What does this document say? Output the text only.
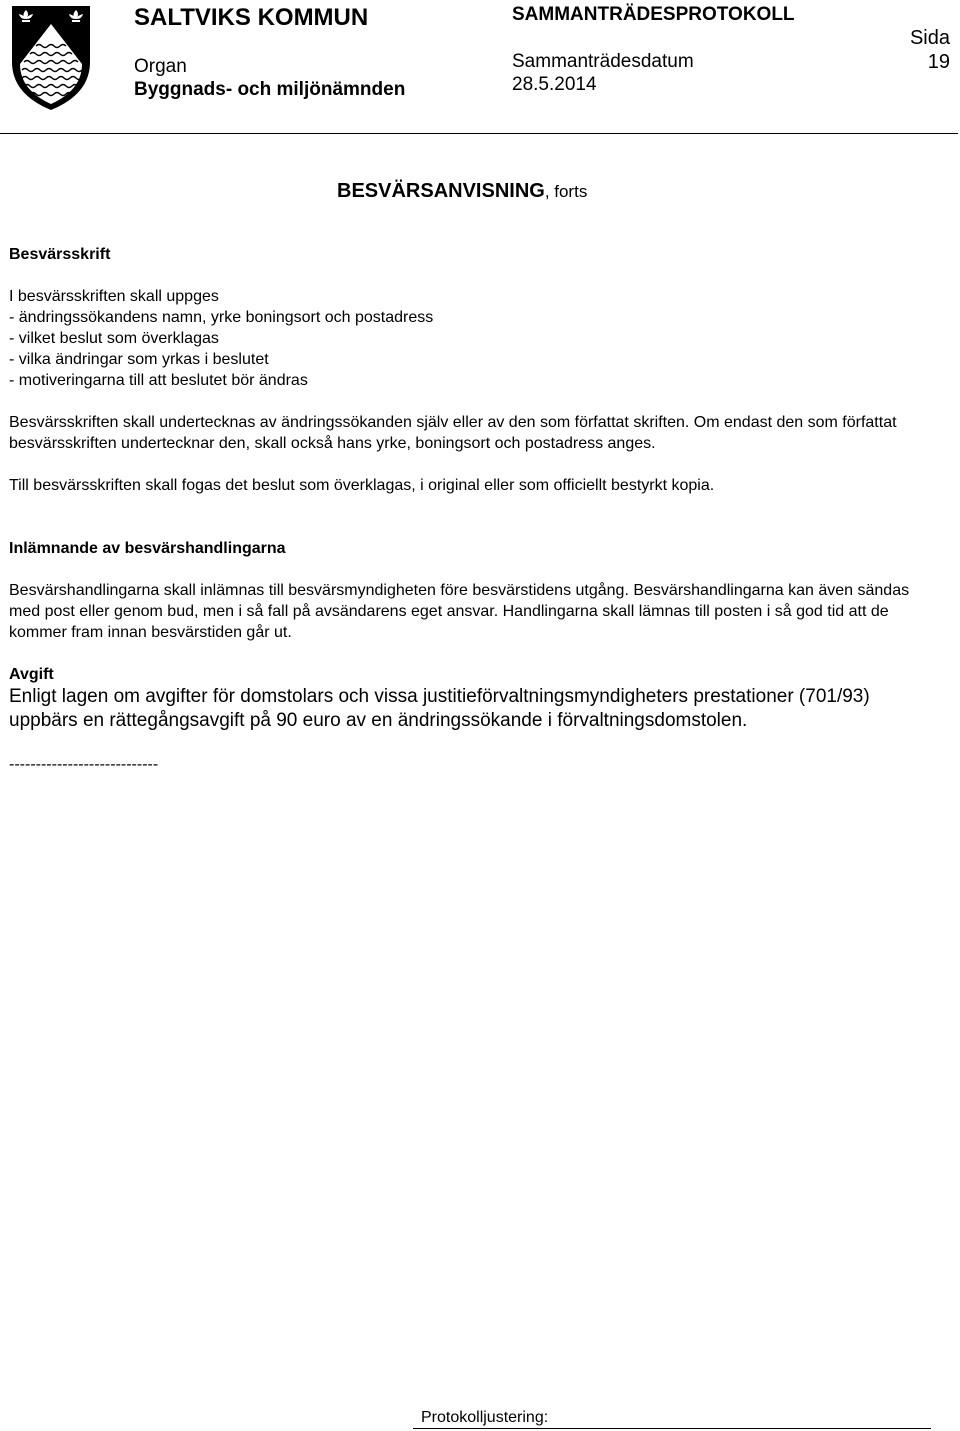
SALTVIKS KOMMUN
Organ
Byggnads- och miljönämnden
SAMMANTRÄDESPROTOKOLL
Sammanträdesdatum
28.5.2014
Sida
19
BESVÄRSANVISNING, forts

Besvärsskrift

I besvärsskriften skall uppges

- ändringssökandens namn, yrke boningsort och postadress

- vilket beslut som överklagas

- vilka ändringar som yrkas i beslutet

- motiveringarna till att beslutet bör ändras

Besvärsskriften skall undertecknas av ändringssökanden själv eller av den som författat skriften. Om endast den som författat besvärsskriften undertecknar den, skall också hans yrke, boningsort och postadress anges.

Till besvärsskriften skall fogas det beslut som överklagas, i original eller som officiellt bestyrkt kopia.

Inlämnande av besvärshandlingarna

Besvärshandlingarna skall inlämnas till besvärsmyndigheten före besvärstidens utgång. Besvärshandlingarna kan även sändas med post eller genom bud, men i så fall på avsändarens eget ansvar. Handlingarna skall lämnas till posten i så god tid att de kommer fram innan besvärstiden går ut.

Avgift

Enligt lagen om avgifter för domstolars och vissa justitieförvaltningsmyndigheters prestationer (701/93) uppbärs en rättegångsavgift på 90 euro av en ändringssökande i förvaltningsdomstolen.

----------------------------

Protokolljustering:
